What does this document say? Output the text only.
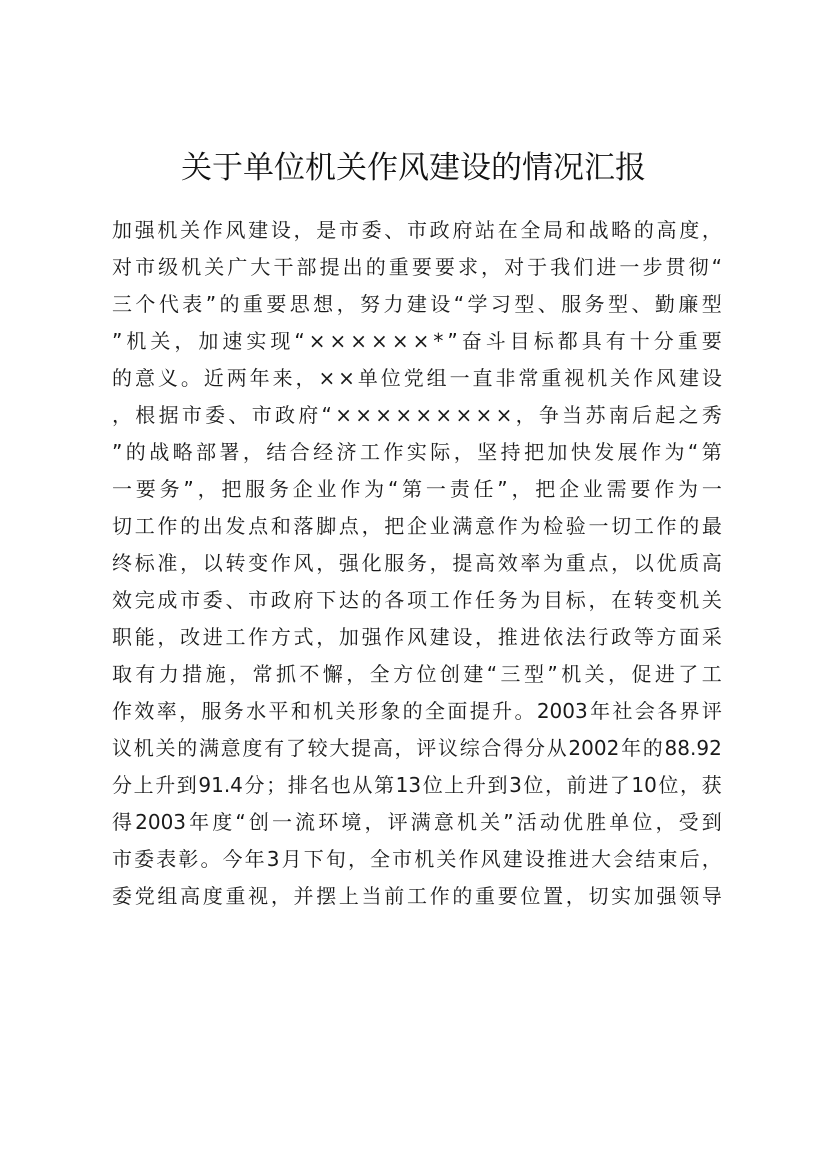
关于单位机关作风建设的情况汇报
加 强 机 关 作 风 建 设 ， 是 市 委 、 市 政 府 站 在 全 局 和 战 略 的 高 度 ，
对 市 级 机 关 广 大 干 部 提 出 的 重 要 要 求 ， 对 于 我 们 进 一 步 贯 彻 “
三 个 代 表 ” 的 重 要 思 想 ， 努 力 建 设 “ 学 习 型 、 服 务 型 、 勤 廉 型
” 机 关 ， 加 速 实 现 “ × × × × × × * ” 奋 斗 目 标 都 具 有 十 分 重 要
的 意 义 。 近 两 年 来 ， × × 单 位 党 组 一 直 非 常 重 视 机 关 作 风 建 设
， 根 据 市 委 、 市 政 府 “ × × × × × × × × × ， 争 当 苏 南 后 起 之 秀
” 的 战 略 部 署 ， 结 合 经 济 工 作 实 际 ， 坚 持 把 加 快 发 展 作 为 “ 第
一 要 务 ” ， 把 服 务 企 业 作 为 “ 第 一 责 任 ” ， 把 企 业 需 要 作 为 一
切 工 作 的 出 发 点 和 落 脚 点 ， 把 企 业 满 意 作 为 检 验 一 切 工 作 的 最
终 标 准 ， 以 转 变 作 风 ， 强 化 服 务 ， 提 高 效 率 为 重 点 ， 以 优 质 高
效 完 成 市 委 、 市 政 府 下 达 的 各 项 工 作 任 务 为 目 标 ， 在 转 变 机 关
职 能 ， 改 进 工 作 方 式 ， 加 强 作 风 建 设 ， 推 进 依 法 行 政 等 方 面 采
取 有 力 措 施 ， 常 抓 不 懈 ， 全 方 位 创 建 “ 三 型 ” 机 关 ， 促 进 了 工
作 效 率 ， 服 务 水 平 和 机 关 形 象 的 全 面 提 升 。 2003 年 社 会 各 界 评
议 机 关 的 满 意 度 有 了 较 大 提 高 ， 评 议 综 合 得 分 从 2002 年 的 88.92
分 上 升 到 91.4 分 ； 排 名 也 从 第 13 位 上 升 到 3 位 ， 前 进 了 10 位 ， 获
得 2003 年 度 “ 创 一 流 环 境 ， 评 满 意 机 关 ” 活 动 优 胜 单 位 ， 受 到
市 委 表 彰 。 今 年 3 月 下 旬 ， 全 市 机 关 作 风 建 设 推 进 大 会 结 束 后 ，
委 党 组 高 度 重 视 ， 并 摆 上 当 前 工 作 的 重 要 位 置 ， 切 实 加 强 领 导
